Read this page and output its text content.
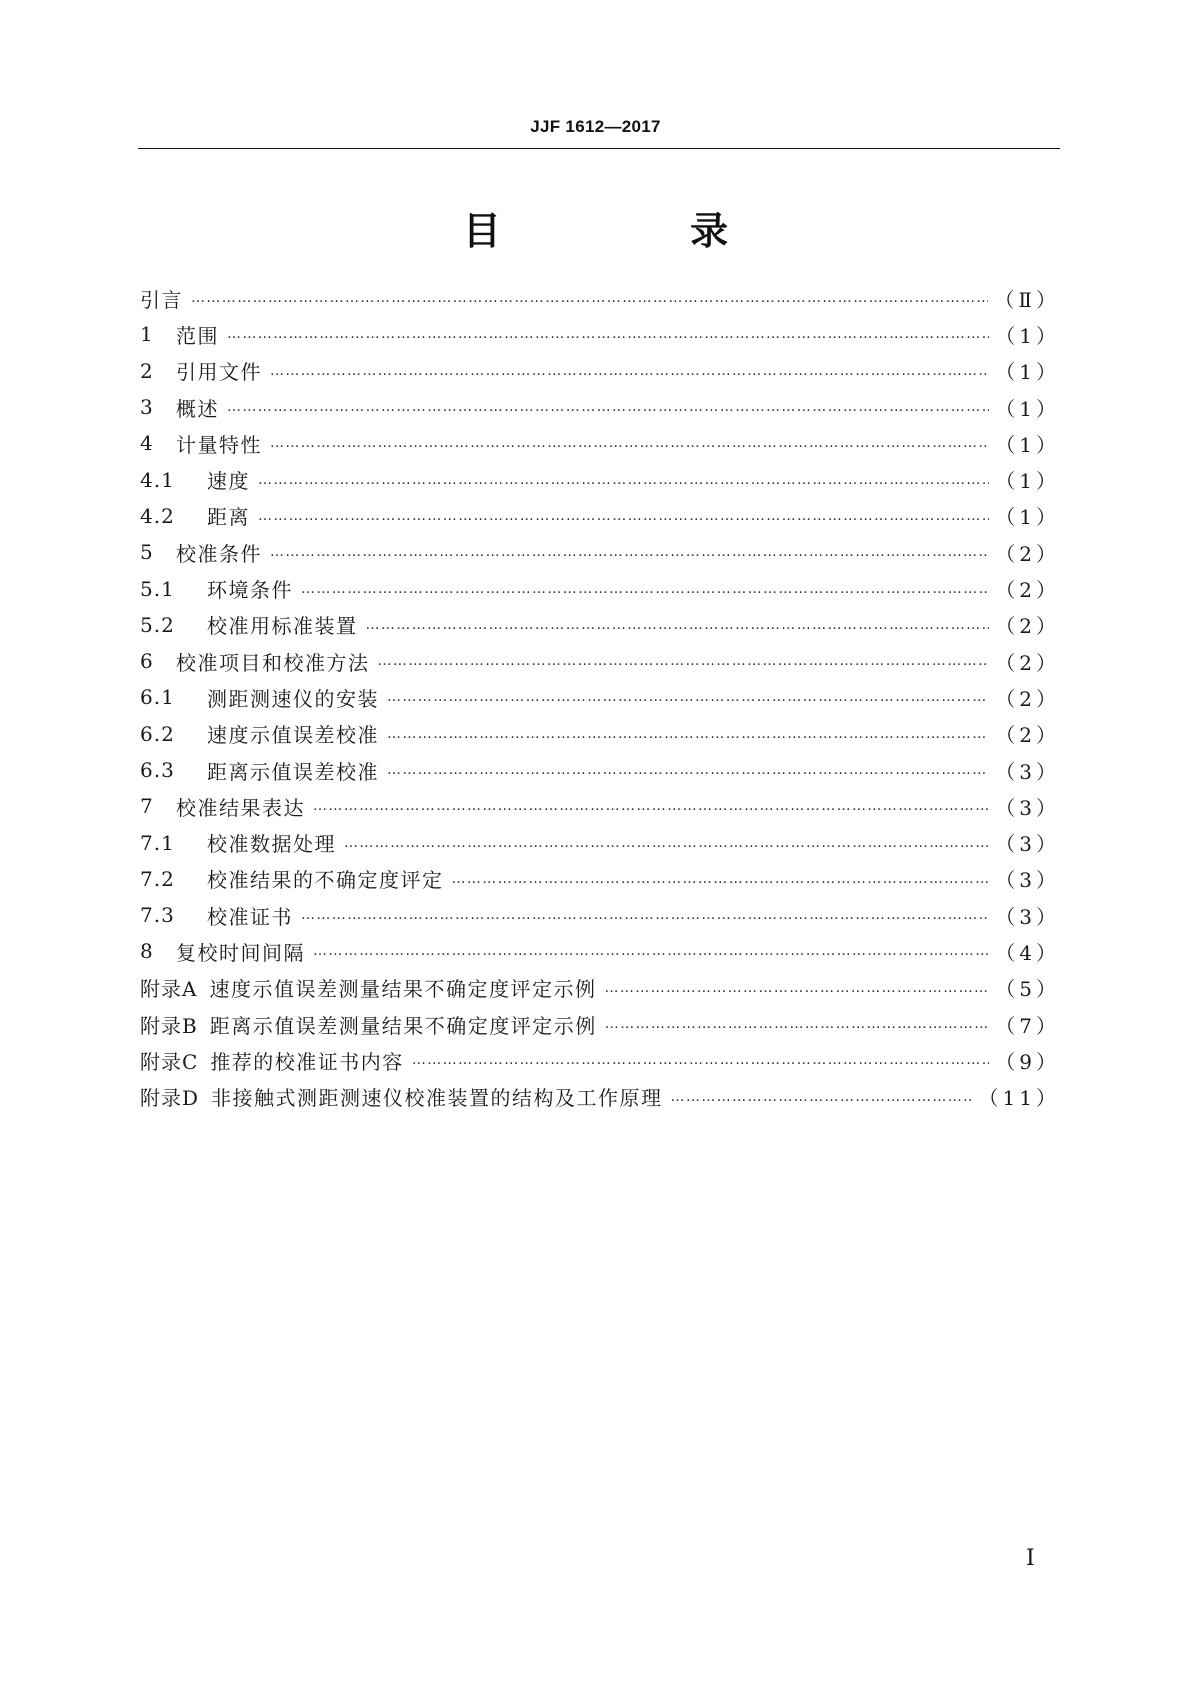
JJF 1612—2017
目 录
引言 ………………………………………………………………………………………………………………………………………………………………………………	（Ⅱ）
1	范围 ………………………………………………………………………………………………………………………………………………………………………………	（1）
2	引用文件 ………………………………………………………………………………………………………………………………………………………………………………	（1）
3	概述 ………………………………………………………………………………………………………………………………………………………………………………	（1）
4	计量特性 ………………………………………………………………………………………………………………………………………………………………………………	（1）
4.1	速度 ………………………………………………………………………………………………………………………………………………………………………………	（1）
4.2	距离 ………………………………………………………………………………………………………………………………………………………………………………	（1）
5	校准条件 ………………………………………………………………………………………………………………………………………………………………………………	（2）
5.1	环境条件 ………………………………………………………………………………………………………………………………………………………………………………	（2）
5.2	校准用标准装置 ………………………………………………………………………………………………………………………………………………………………………………	（2）
6	校准项目和校准方法 ………………………………………………………………………………………………………………………………………………………………………………	（2）
6.1	测距测速仪的安装 ………………………………………………………………………………………………………………………………………………………………………………	（2）
6.2	速度示值误差校准 ………………………………………………………………………………………………………………………………………………………………………………	（2）
6.3	距离示值误差校准 ………………………………………………………………………………………………………………………………………………………………………………	（3）
7	校准结果表达 ………………………………………………………………………………………………………………………………………………………………………………	（3）
7.1	校准数据处理 ………………………………………………………………………………………………………………………………………………………………………………	（3）
7.2	校准结果的不确定度评定 ………………………………………………………………………………………………………………………………………………………………………………	（3）
7.3	校准证书 ………………………………………………………………………………………………………………………………………………………………………………	（3）
8	复校时间间隔 ………………………………………………………………………………………………………………………………………………………………………………	（4）
附录A 速度示值误差测量结果不确定度评定示例 ………………………………………………………………………………………………………………………………………………………………………………	（5）
附录B 距离示值误差测量结果不确定度评定示例 ………………………………………………………………………………………………………………………………………………………………………………	（7）
附录C 推荐的校准证书内容 ………………………………………………………………………………………………………………………………………………………………………………	（9）
附录D 非接触式测距测速仪校准装置的结构及工作原理 ………………………………………………………………………………………………………………………………………………………………………………	（11）
Ⅰ
